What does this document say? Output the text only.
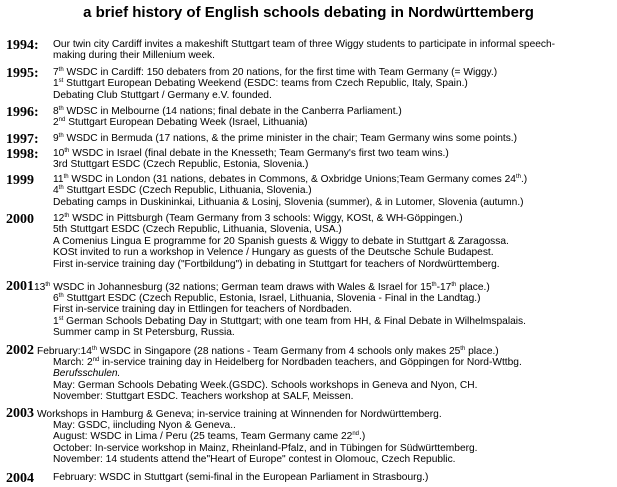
a brief history of English schools debating in Nordwürttemberg
1994: Our twin city Cardiff invites a makeshift Stuttgart team of three Wiggy students to participate in informal speech-
making during their Millenium week.
1995: 7th WSDC in Cardiff: 150 debaters from 20 nations, for the first time with Team Germany (= Wiggy.)
1st Stuttgart European Debating Weekend (ESDC: teams from Czech Republic, Italy, Spain.)
Debating Club Stuttgart / Germany e.V. founded.
1996: 8th WDSC in Melbourne (14 nations; final debate in the Canberra Parliament.)
2nd Stuttgart European Debating Week (Israel, Lithuania)
1997: 9th WSDC in Bermuda (17 nations, & the prime minister in the chair; Team Germany wins some points.)
1998: 10th WSDC in Israel (final debate in the Knesseth; Team Germany's first two team wins.)
3rd Stuttgart ESDC (Czech Republic, Estonia, Slovenia.)
1999 11th WSDC in London (31 nations, debates in Commons, & Oxbridge Unions;Team Germany comes 24th.)
4th Stuttgart ESDC (Czech Republic, Lithuania, Slovenia.)
Debating camps in Duskininkai, Lithuania & Losinj, Slovenia (summer), & in Lutomer, Slovenia (autumn.)
2000 12th WSDC in Pittsburgh (Team Germany from 3 schools: Wiggy, KOSt, & WH-Göppingen.)
5th Stuttgart ESDC (Czech Republic, Lithuania, Slovenia, USA.)
A Comenius Lingua E programme for 20 Spanish guests & Wiggy to debate in Stuttgart & Zaragossa.
KOSt invited to run a workshop in Velence / Hungary as guests of the Deutsche Schule Budapest.
First in-service training day ("Fortbildung") in debating in Stuttgart for teachers of Nordwürttemberg.
2001 13th WSDC in Johannesburg (32 nations; German team draws with Wales & Israel for 15th-17th place.)
6th Stuttgart ESDC (Czech Republic, Estonia, Israel, Lithuania, Slovenia - Final in the Landtag.)
First in-service training day in Ettlingen for teachers of Nordbaden.
1st German Schools Debating Day in Stuttgart; with one team from HH, & Final Debate in Wilhelmspalais.
Summer camp in St Petersburg, Russia.
2002 February:14th WSDC in Singapore (28 nations - Team Germany from 4 schools only makes 25th place.)
March: 2nd in-service training day in Heidelberg for Nordbaden teachers, and Göppingen for Nord-Wttbg.
Berufsschulen.
May: German Schools Debating Week.(GSDC). Schools workshops in Geneva and Nyon, CH.
November: Stuttgart ESDC. Teachers workshop at SALF, Meissen.
2003 Workshops in Hamburg & Geneva; in-service training at Winnenden for Nordwürttemberg.
May: GSDC, iincluding Nyon & Geneva..
August: WSDC in Lima / Peru (25 teams, Team Germany came 22nd.)
October: In-service workshop in Mainz, Rheinland-Pfalz, and in Tübingen for Südwürttemberg.
November: 14 students attend the"Heart of Europe" contest in Olomouc, Czech Republic.
2004 February: WSDC in Stuttgart (semi-final in the European Parliament in Strasbourg.)
